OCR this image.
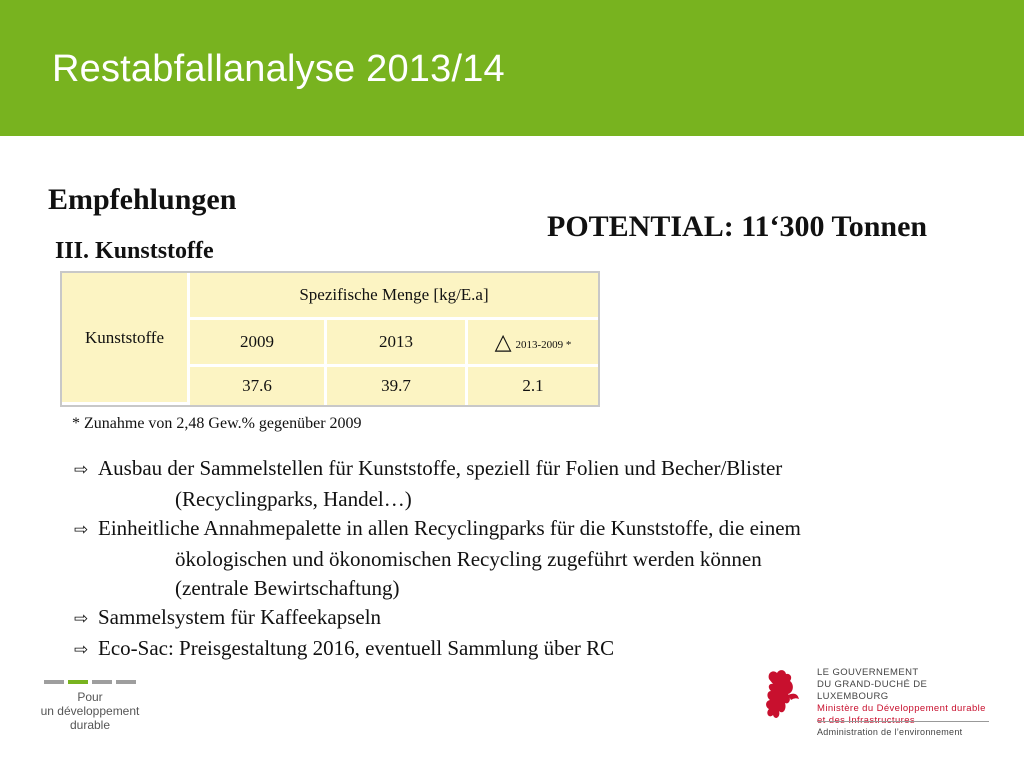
Restabfallanalyse 2013/14
Empfehlungen
POTENTIAL: 11‘300 Tonnen
III. Kunststoffe
Kunststoffe	Spezifische Menge [kg/E.a]		
	2009	2013	△ 2013-2009 *
	37.6	39.7	2.1
* Zunahme von 2,48 Gew.% gegenüber 2009
⇨ Ausbau der Sammelstellen für Kunststoffe, speziell für Folien und Becher/Blister
(Recyclingparks, Handel…)
⇨ Einheitliche Annahmepalette in allen Recyclingparks für die Kunststoffe, die einem
ökologischen und ökonomischen Recycling zugeführt werden können
(zentrale Bewirtschaftung)
⇨ Sammelsystem für Kaffeekapseln
⇨ Eco-Sac: Preisgestaltung 2016, eventuell Sammlung über RC
Pour
un développement
durable
LE GOUVERNEMENT
DU GRAND-DUCHÉ DE LUXEMBOURG
Ministère du Développement durable
Administration de l’environnement
